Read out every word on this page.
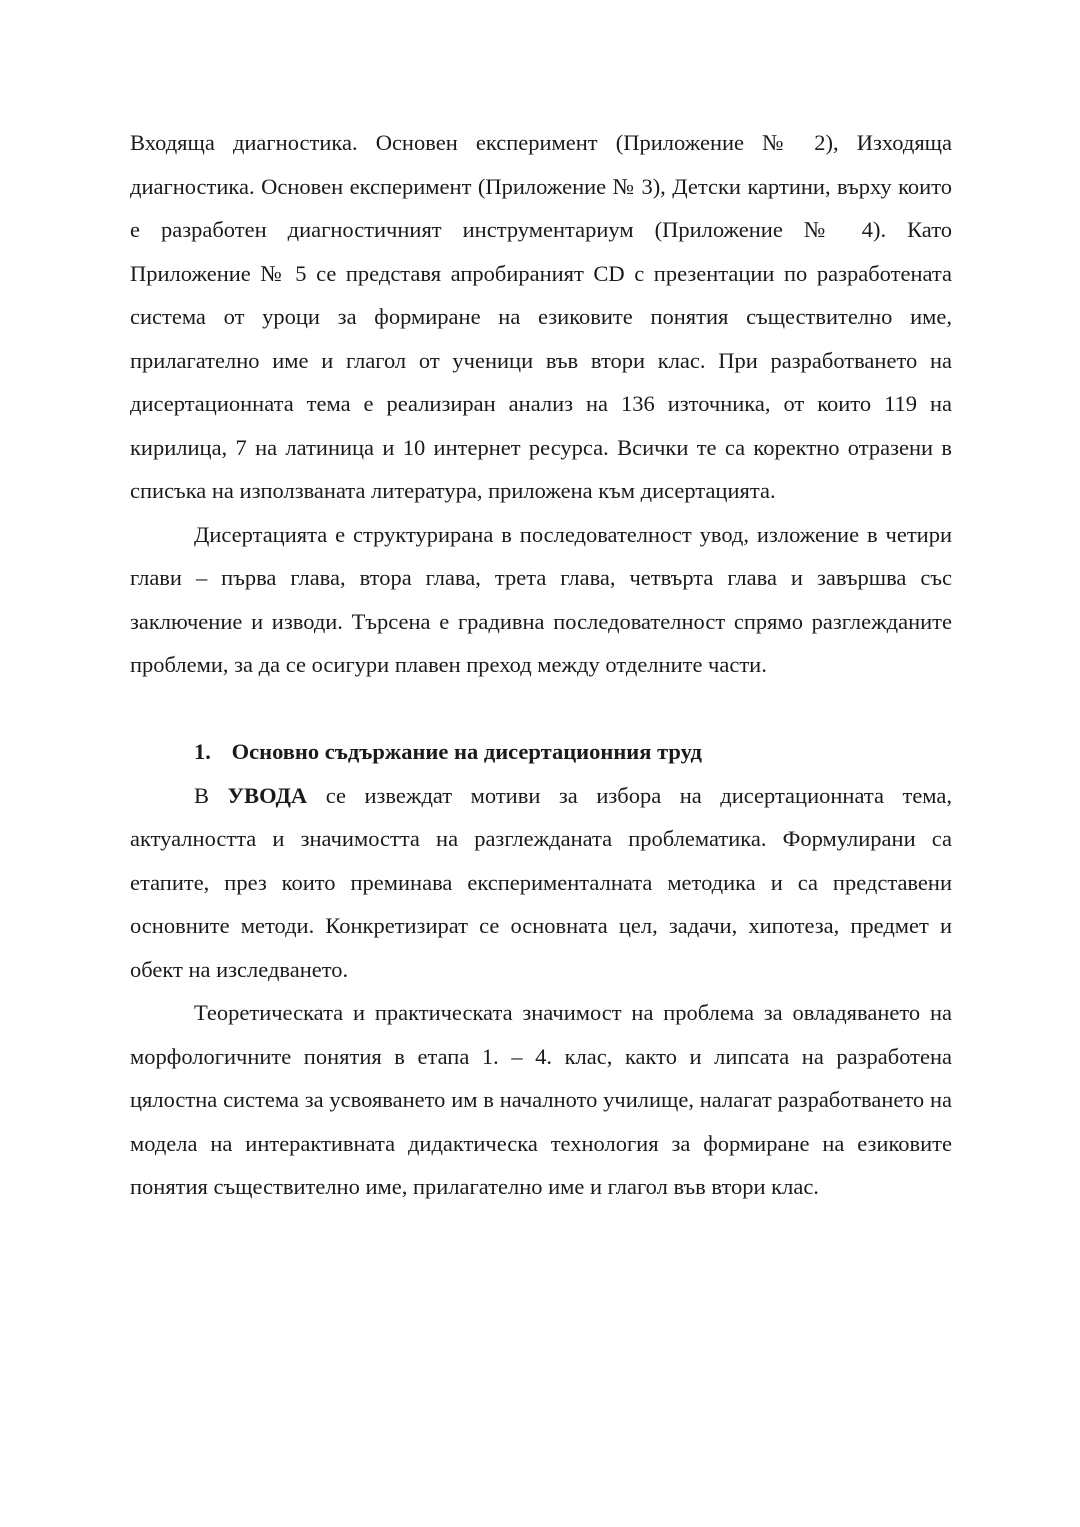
Входяща диагностика. Основен експеримент (Приложение № 2), Изходяща диагностика. Основен експеримент (Приложение № 3), Детски картини, върху които е разработен диагностичният инструментариум (Приложение № 4). Като Приложение № 5 се представя апробираният CD с презентации по разработената система от уроци за формиране на езиковите понятия съществително име, прилагателно име и глагол от ученици във втори клас. При разработването на дисертационната тема е реализиран анализ на 136 източника, от които 119 на кирилица, 7 на латиница и 10 интернет ресурса. Всички те са коректно отразени в списъка на използваната литература, приложена към дисертацията.

Дисертацията е структурирана в последователност увод, изложение в четири глави – първа глава, втора глава, трета глава, четвърта глава и завършва със заключение и изводи. Търсена е градивна последователност спрямо разглежданите проблеми, за да се осигури плавен преход между отделните части.

1. Основно съдържание на дисертационния труд

В УВОДА се извеждат мотиви за избора на дисертационната тема, актуалността и значимостта на разглежданата проблематика. Формулирани са етапите, през които преминава експерименталната методика и са представени основните методи. Конкретизират се основната цел, задачи, хипотеза, предмет и обект на изследването.

Теоретическата и практическата значимост на проблема за овладяването на морфологичните понятия в етапа 1. – 4. клас, както и липсата на разработена цялостна система за усвояването им в началното училище, налагат разработването на модела на интерактивната дидактическа технология за формиране на езиковите понятия съществително име, прилагателно име и глагол във втори клас.
